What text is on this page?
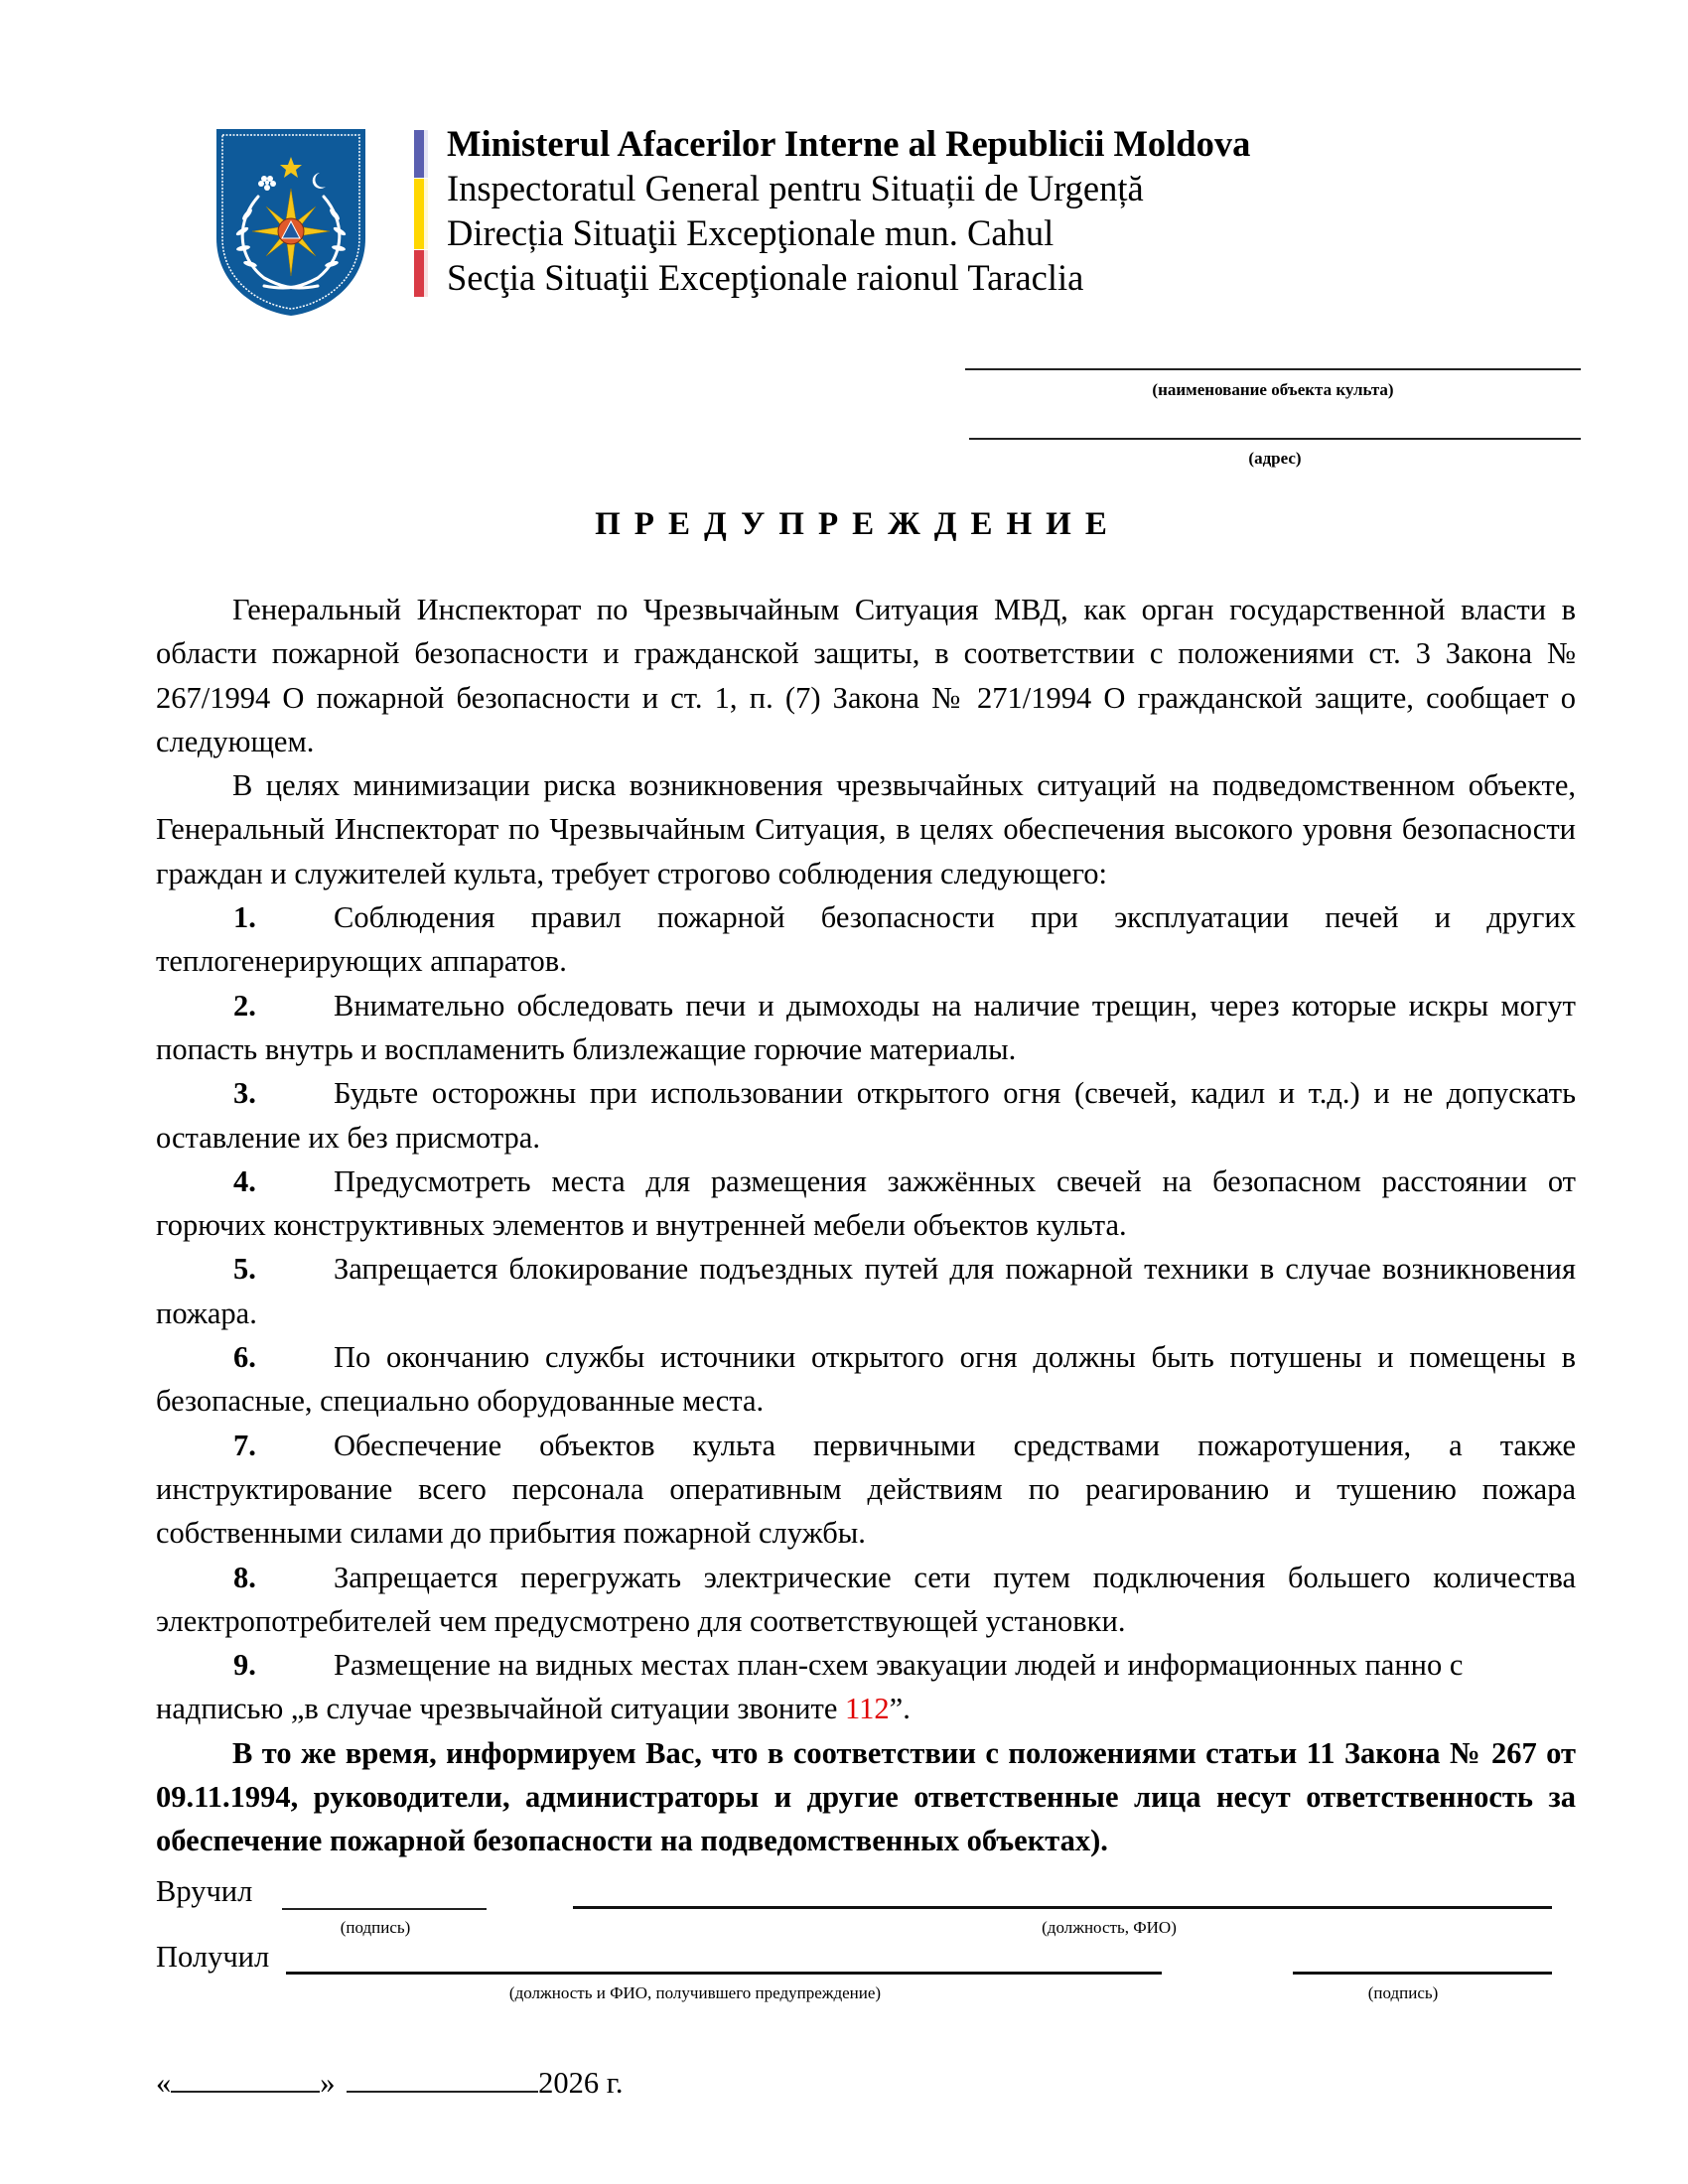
Ministerul Afacerilor Interne al Republicii Moldova
Inspectoratul General pentru Situații de Urgență
Direcția Situaţii Excepţionale mun. Cahul
Secţia Situaţii Excepţionale raionul Taraclia
(наименование объекта культа)
(адрес)
ПРЕДУПРЕЖДЕНИЕ

Генеральный Инспекторат по Чрезвычайным Ситуация МВД, как орган государственной власти в области пожарной безопасности и гражданской защиты, в соответствии с положениями ст. 3 Закона № 267/1994 О пожарной безопасности и ст. 1, п. (7) Закона № 271/1994 О гражданской защите, сообщает о следующем.

В целях минимизации риска возникновения чрезвычайных ситуаций на подведомственном объекте, Генеральный Инспекторат по Чрезвычайным Ситуация, в целях обеспечения высокого уровня безопасности граждан и служителей культа, требует строгово соблюдения следующего:

1.	Соблюдения правил пожарной безопасности при эксплуатации печей и других теплогенерирующих аппаратов.

2.	Внимательно обследовать печи и дымоходы на наличие трещин, через которые искры могут попасть внутрь и воспламенить близлежащие горючие материалы.

3.	Будьте осторожны при использовании открытого огня (свечей, кадил и т.д.) и не допускать оставление их без присмотра.

4.	Предусмотреть места для размещения зажжённых свечей на безопасном расстоянии от горючих конструктивных элементов и внутренней мебели объектов культа.

5.	Запрещается блокирование подъездных путей для пожарной техники в случае возникновения пожара.

6.	По окончанию службы источники открытого огня должны быть потушены и помещены в безопасные, специально оборудованные места.

7.	Обеспечение объектов культа первичными средствами пожаротушения, а также инструктирование всего персонала оперативным действиям по реагированию и тушению пожара собственными силами до прибытия пожарной службы.

8.	Запрещается перегружать электрические сети путем подключения большего количества электропотребителей чем предусмотрено для соответствующей установки.

9.	Размещение на видных местах план-схем эвакуации людей и информационных панно с надписью „в случае чрезвычайной ситуации звоните 112”.

В то же время, информируем Вас, что в соответствии с положениями статьи 11 Закона № 267 от 09.11.1994, руководители, администраторы и другие ответственные лица несут ответственность за обеспечение пожарной безопасности на подведомственных объектах).

Вручил
(подпись)	(должность, ФИО)
Получил
(должность и ФИО, получившего предупреждение)	(подпись)
«	»	2026 г.
